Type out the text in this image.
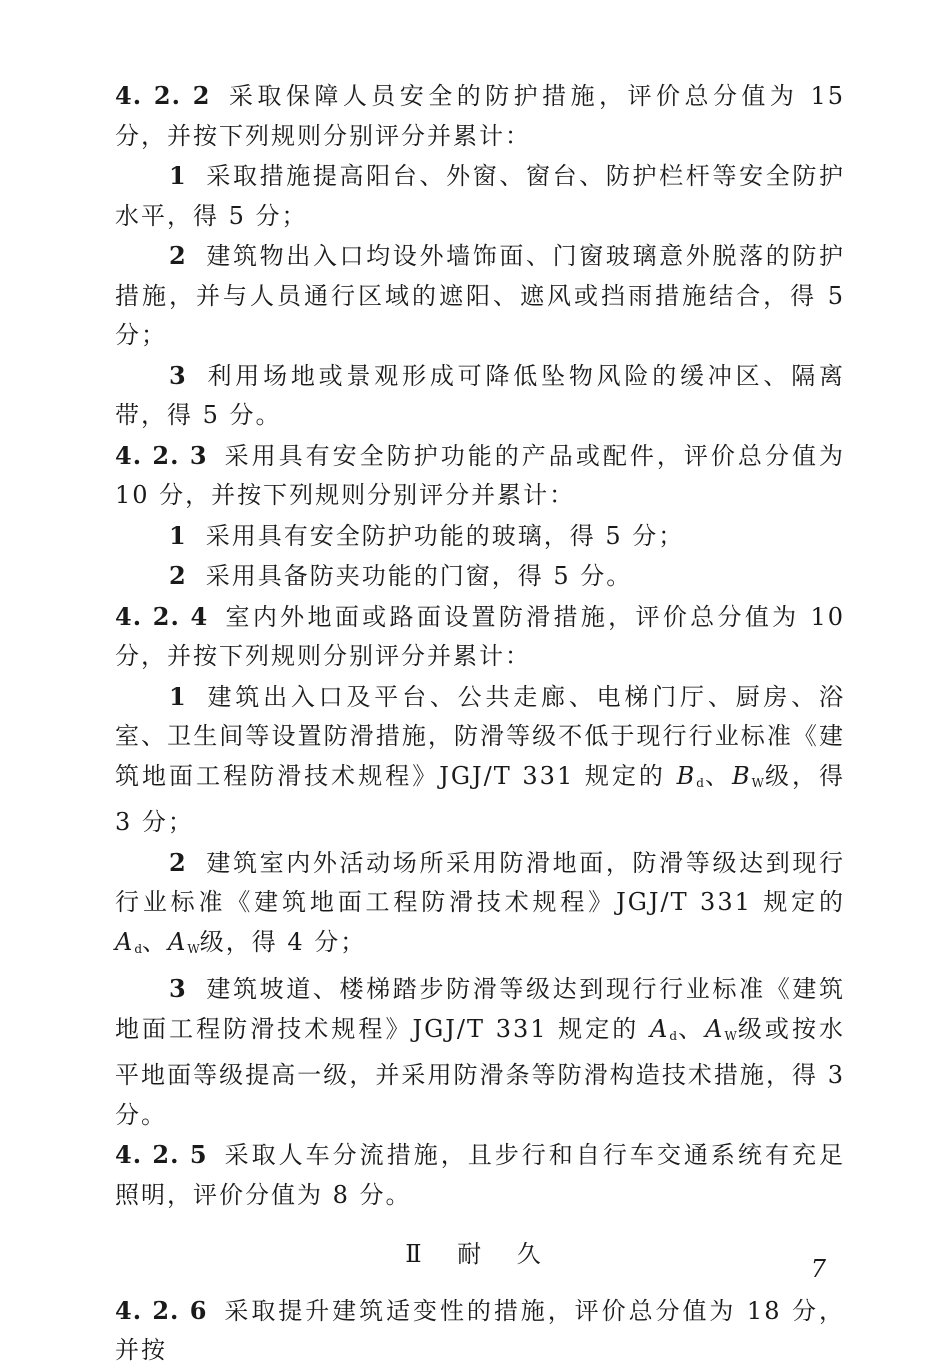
4. 2. 2 采取保障人员安全的防护措施，评价总分值为 15 分，并按下列规则分别评分并累计：

1 采取措施提高阳台、外窗、窗台、防护栏杆等安全防护水平，得 5 分；

2 建筑物出入口均设外墙饰面、门窗玻璃意外脱落的防护措施，并与人员通行区域的遮阳、遮风或挡雨措施结合，得 5 分；

3 利用场地或景观形成可降低坠物风险的缓冲区、隔离带，得 5 分。

4. 2. 3 采用具有安全防护功能的产品或配件，评价总分值为 10 分，并按下列规则分别评分并累计：

1 采用具有安全防护功能的玻璃，得 5 分；

2 采用具备防夹功能的门窗，得 5 分。

4. 2. 4 室内外地面或路面设置防滑措施，评价总分值为 10 分，并按下列规则分别评分并累计：

1 建筑出入口及平台、公共走廊、电梯门厅、厨房、浴室、卫生间等设置防滑措施，防滑等级不低于现行行业标准《建筑地面工程防滑技术规程》JGJ/T 331 规定的 $B_d$、$B_W$级，得 3 分；

2 建筑室内外活动场所采用防滑地面，防滑等级达到现行行业标准《建筑地面工程防滑技术规程》JGJ/T 331 规定的 $A_d$、$A_W$级，得 4 分；

3 建筑坡道、楼梯踏步防滑等级达到现行行业标准《建筑地面工程防滑技术规程》JGJ/T 331 规定的 $A_d$、$A_W$级或按水平地面等级提高一级，并采用防滑条等防滑构造技术措施，得 3 分。

4. 2. 5 采取人车分流措施，且步行和自行车交通系统有充足照明，评价分值为 8 分。

Ⅱ 耐 久

4. 2. 6 采取提升建筑适变性的措施，评价总分值为 18 分，并按

7
